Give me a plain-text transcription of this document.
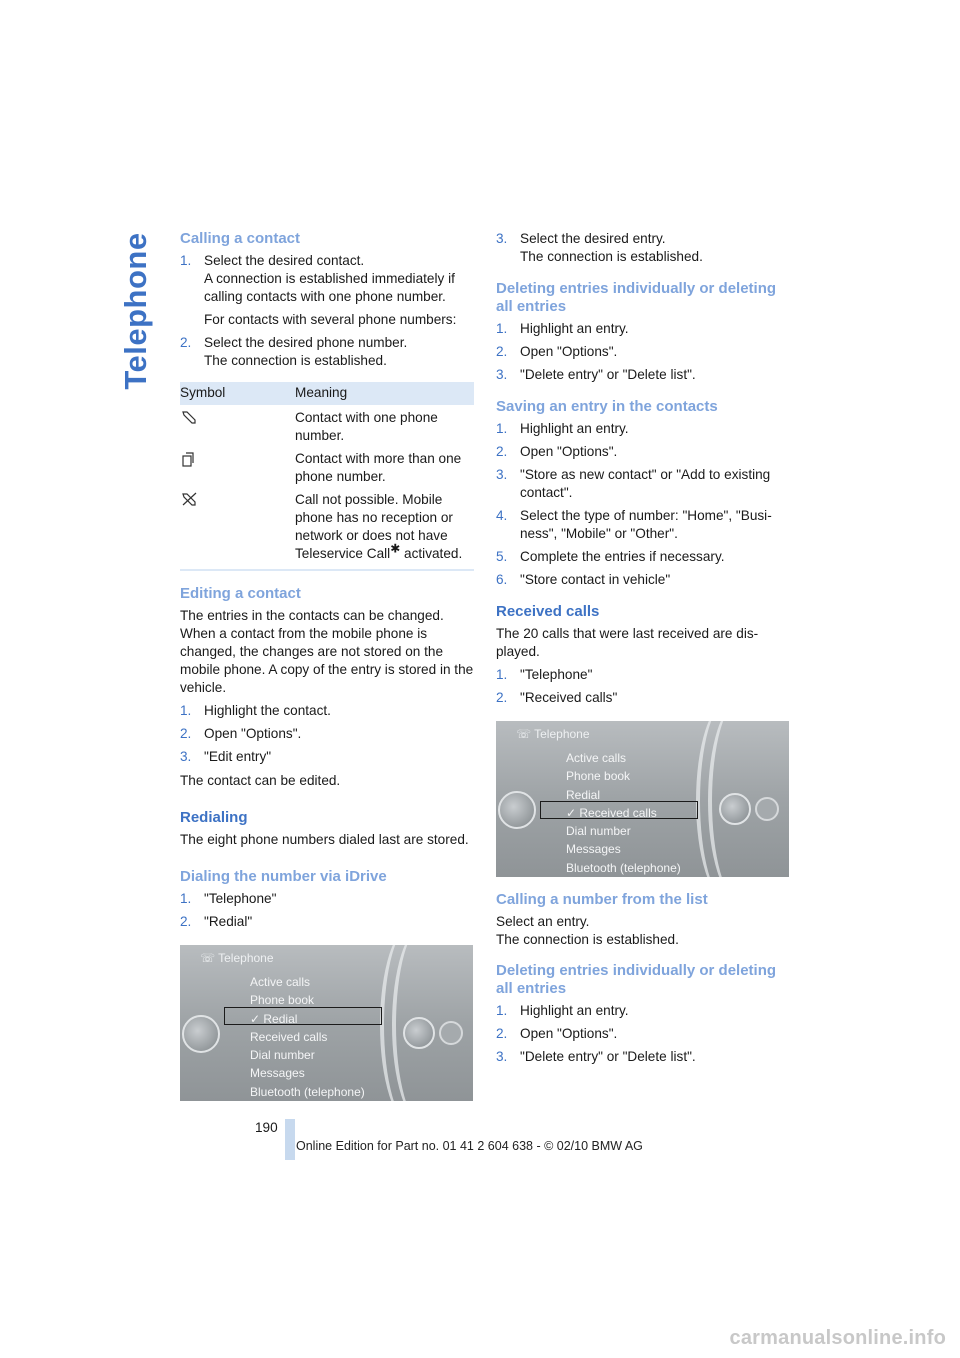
Telephone Calling a contact
1. Select the desired contact.
A connection is established immediately if calling contacts with one phone number.
For contacts with several phone numbers:
2. Select the desired phone number.
The connection is established.
Symbol	Meaning
	Contact with one phone number.
	Contact with more than one phone number.
	Call not possible. Mobile phone has no reception or network or does not have Teleservice Call✱ activated.
Editing a contact

The entries in the contacts can be changed. When a contact from the mobile phone is changed, the changes are not stored on the mobile phone. A copy of the entry is stored in the vehicle.

1. Highlight the contact.
2. Open "Options".
3. "Edit entry"

The contact can be edited.

Redialing

The eight phone numbers dialed last are stored.

Dialing the number via iDrive
1. "Telephone"
2. "Redial"
☏ Telephone
Active calls
Phone book
✓ Redial
Received calls
Dial number
Messages
Bluetooth (telephone)
3. Select the desired entry.
The connection is established.
Deleting entries individually or deleting all entries
1. Highlight an entry.
2. Open "Options".
3. "Delete entry" or "Delete list".
Saving an entry in the contacts
1. Highlight an entry.
2. Open "Options".
3. "Store as new contact" or "Add to existing contact".
4. Select the type of number: "Home", "Busi-ness", "Mobile" or "Other".
5. Complete the entries if necessary.
6. "Store contact in vehicle"
Received calls

The 20 calls that were last received are dis-played.

1. "Telephone"
2. "Received calls"
☏ Telephone
Active calls
Phone book
Redial
✓ Received calls
Dial number
Messages
Bluetooth (telephone)
Calling a number from the list

Select an entry.
The connection is established.

Deleting entries individually or deleting all entries
1. Highlight an entry.
2. Open "Options".
3. "Delete entry" or "Delete list".
190
Online Edition for Part no. 01 41 2 604 638 - © 02/10 BMW AG
carmanualsonline.info
